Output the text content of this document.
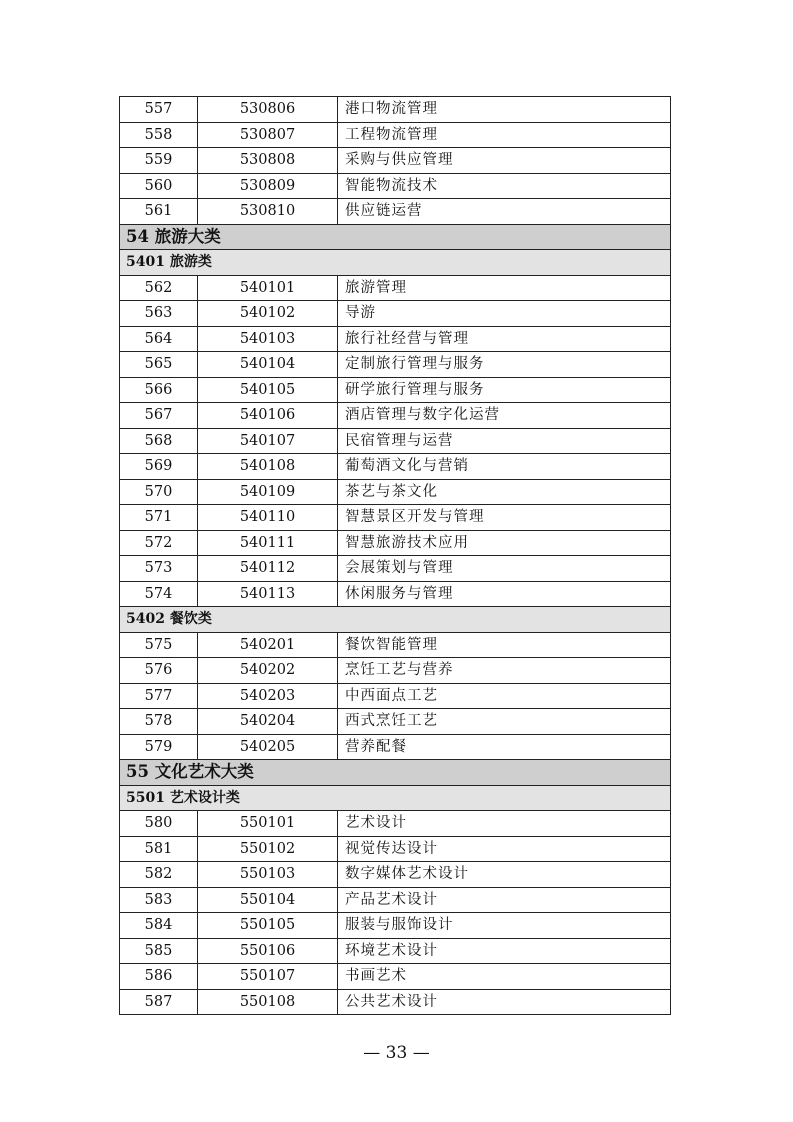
557	530806	港口物流管理
558	530807	工程物流管理
559	530808	采购与供应管理
560	530809	智能物流技术
561	530810	供应链运营
54 旅游大类		
5401 旅游类		
562	540101	旅游管理
563	540102	导游
564	540103	旅行社经营与管理
565	540104	定制旅行管理与服务
566	540105	研学旅行管理与服务
567	540106	酒店管理与数字化运营
568	540107	民宿管理与运营
569	540108	葡萄酒文化与营销
570	540109	茶艺与茶文化
571	540110	智慧景区开发与管理
572	540111	智慧旅游技术应用
573	540112	会展策划与管理
574	540113	休闲服务与管理
5402 餐饮类		
575	540201	餐饮智能管理
576	540202	烹饪工艺与营养
577	540203	中西面点工艺
578	540204	西式烹饪工艺
579	540205	营养配餐
55 文化艺术大类		
5501 艺术设计类		
580	550101	艺术设计
581	550102	视觉传达设计
582	550103	数字媒体艺术设计
583	550104	产品艺术设计
584	550105	服装与服饰设计
585	550106	环境艺术设计
586	550107	书画艺术
587	550108	公共艺术设计
— 33 —
